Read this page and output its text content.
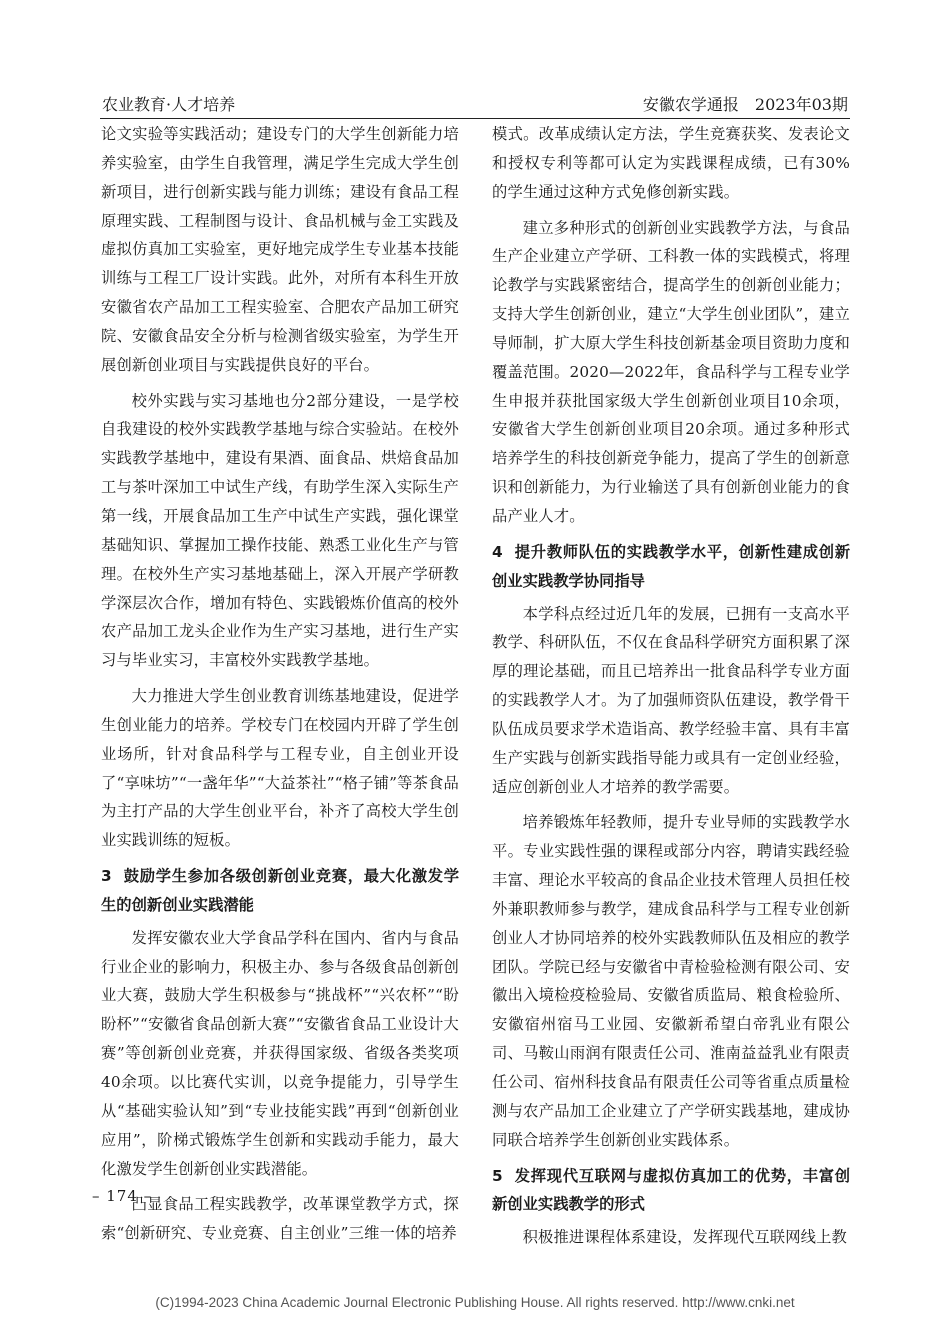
农业教育·人才培养	安徽农学通报　2023年03期

论文实验等实践活动；建设专门的大学生创新能力培养实验室，由学生自我管理，满足学生完成大学生创新项目，进行创新实践与能力训练；建设有食品工程原理实践、工程制图与设计、食品机械与金工实践及虚拟仿真加工实验室，更好地完成学生专业基本技能训练与工程工厂设计实践。此外，对所有本科生开放安徽省农产品加工工程实验室、合肥农产品加工研究院、安徽食品安全分析与检测省级实验室，为学生开展创新创业项目与实践提供良好的平台。

校外实践与实习基地也分2部分建设，一是学校自我建设的校外实践教学基地与综合实验站。在校外实践教学基地中，建设有果酒、面食品、烘焙食品加工与茶叶深加工中试生产线，有助学生深入实际生产第一线，开展食品加工生产中试生产实践，强化课堂基础知识、掌握加工操作技能、熟悉工业化生产与管理。在校外生产实习基地基础上，深入开展产学研教学深层次合作，增加有特色、实践锻炼价值高的校外农产品加工龙头企业作为生产实习基地，进行生产实习与毕业实习，丰富校外实践教学基地。

大力推进大学生创业教育训练基地建设，促进学生创业能力的培养。学校专门在校园内开辟了学生创业场所，针对食品科学与工程专业，自主创业开设了“享味坊”“一盏年华”“大益茶社”“格子铺”等茶食品为主打产品的大学生创业平台，补齐了高校大学生创业实践训练的短板。

3 鼓励学生参加各级创新创业竞赛，最大化激发学生的创新创业实践潜能

发挥安徽农业大学食品学科在国内、省内与食品行业企业的影响力，积极主办、参与各级食品创新创业大赛，鼓励大学生积极参与“挑战杯”“兴农杯”“盼盼杯”“安徽省食品创新大赛”“安徽省食品工业设计大赛”等创新创业竞赛，并获得国家级、省级各类奖项40余项。以比赛代实训，以竞争提能力，引导学生从“基础实验认知”到“专业技能实践”再到“创新创业应用”，阶梯式锻炼学生创新和实践动手能力，最大化激发学生创新创业实践潜能。

凸显食品工程实践教学，改革课堂教学方式，探索“创新研究、专业竞赛、自主创业”三维一体的培养

模式。改革成绩认定方法，学生竞赛获奖、发表论文和授权专利等都可认定为实践课程成绩，已有30%的学生通过这种方式免修创新实践。

建立多种形式的创新创业实践教学方法，与食品生产企业建立产学研、工科教一体的实践模式，将理论教学与实践紧密结合，提高学生的创新创业能力；支持大学生创新创业，建立“大学生创业团队”，建立导师制，扩大原大学生科技创新基金项目资助力度和覆盖范围。2020—2022年，食品科学与工程专业学生申报并获批国家级大学生创新创业项目10余项，安徽省大学生创新创业项目20余项。通过多种形式培养学生的科技创新竞争能力，提高了学生的创新意识和创新能力，为行业输送了具有创新创业能力的食品产业人才。

4 提升教师队伍的实践教学水平，创新性建成创新创业实践教学协同指导

本学科点经过近几年的发展，已拥有一支高水平教学、科研队伍，不仅在食品科学研究方面积累了深厚的理论基础，而且已培养出一批食品科学专业方面的实践教学人才。为了加强师资队伍建设，教学骨干队伍成员要求学术造诣高、教学经验丰富、具有丰富生产实践与创新实践指导能力或具有一定创业经验，适应创新创业人才培养的教学需要。

培养锻炼年轻教师，提升专业导师的实践教学水平。专业实践性强的课程或部分内容，聘请实践经验丰富、理论水平较高的食品企业技术管理人员担任校外兼职教师参与教学，建成食品科学与工程专业创新创业人才协同培养的校外实践教师队伍及相应的教学团队。学院已经与安徽省中青检验检测有限公司、安徽出入境检疫检验局、安徽省质监局、粮食检验所、安徽宿州宿马工业园、安徽新希望白帝乳业有限公司、马鞍山雨润有限责任公司、淮南益益乳业有限责任公司、宿州科技食品有限责任公司等省重点质量检测与农产品加工企业建立了产学研实践基地，建成协同联合培养学生创新创业实践体系。

5 发挥现代互联网与虚拟仿真加工的优势，丰富创新创业实践教学的形式

积极推进课程体系建设，发挥现代互联网线上教

– 174 –
(C)1994-2023 China Academic Journal Electronic Publishing House. All rights reserved. http://www.cnki.net
